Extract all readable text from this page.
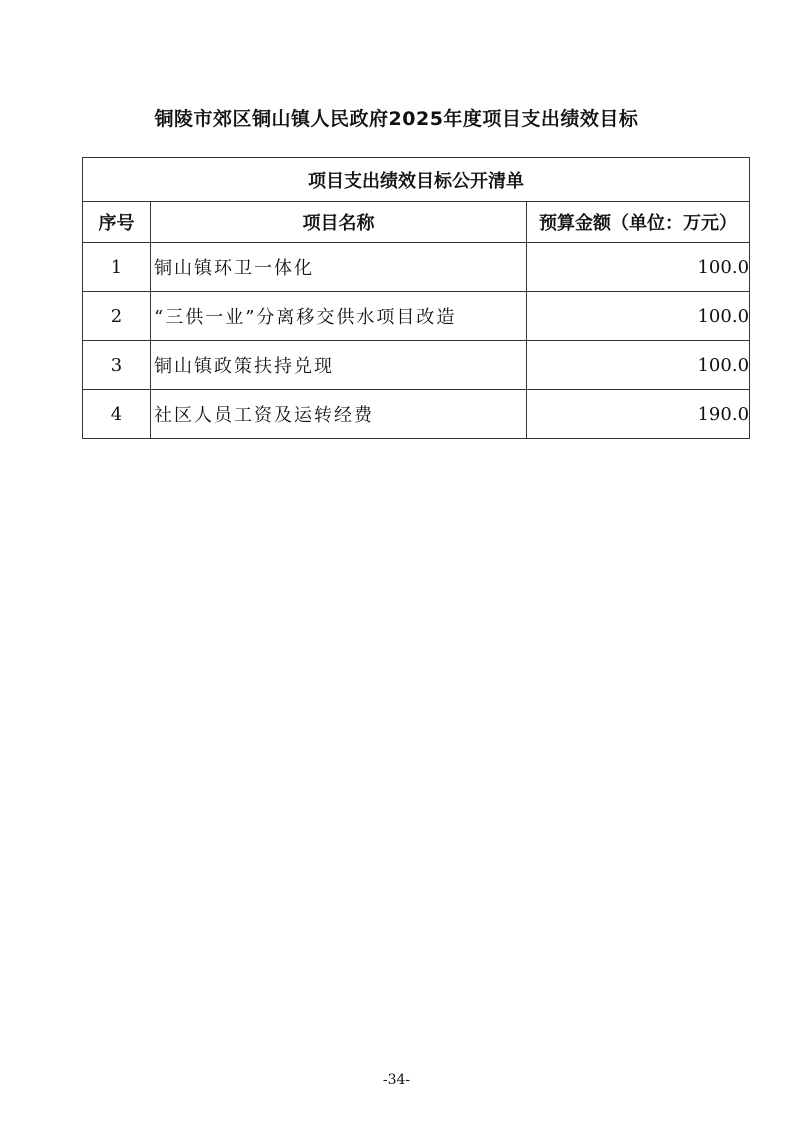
铜陵市郊区铜山镇人民政府2025年度项目支出绩效目标
项目支出绩效目标公开清单		
序号	项目名称	预算金额（单位：万元）
1	铜山镇环卫一体化	100.0
2	“三供一业”分离移交供水项目改造	100.0
3	铜山镇政策扶持兑现	100.0
4	社区人员工资及运转经费	190.0
-34-
